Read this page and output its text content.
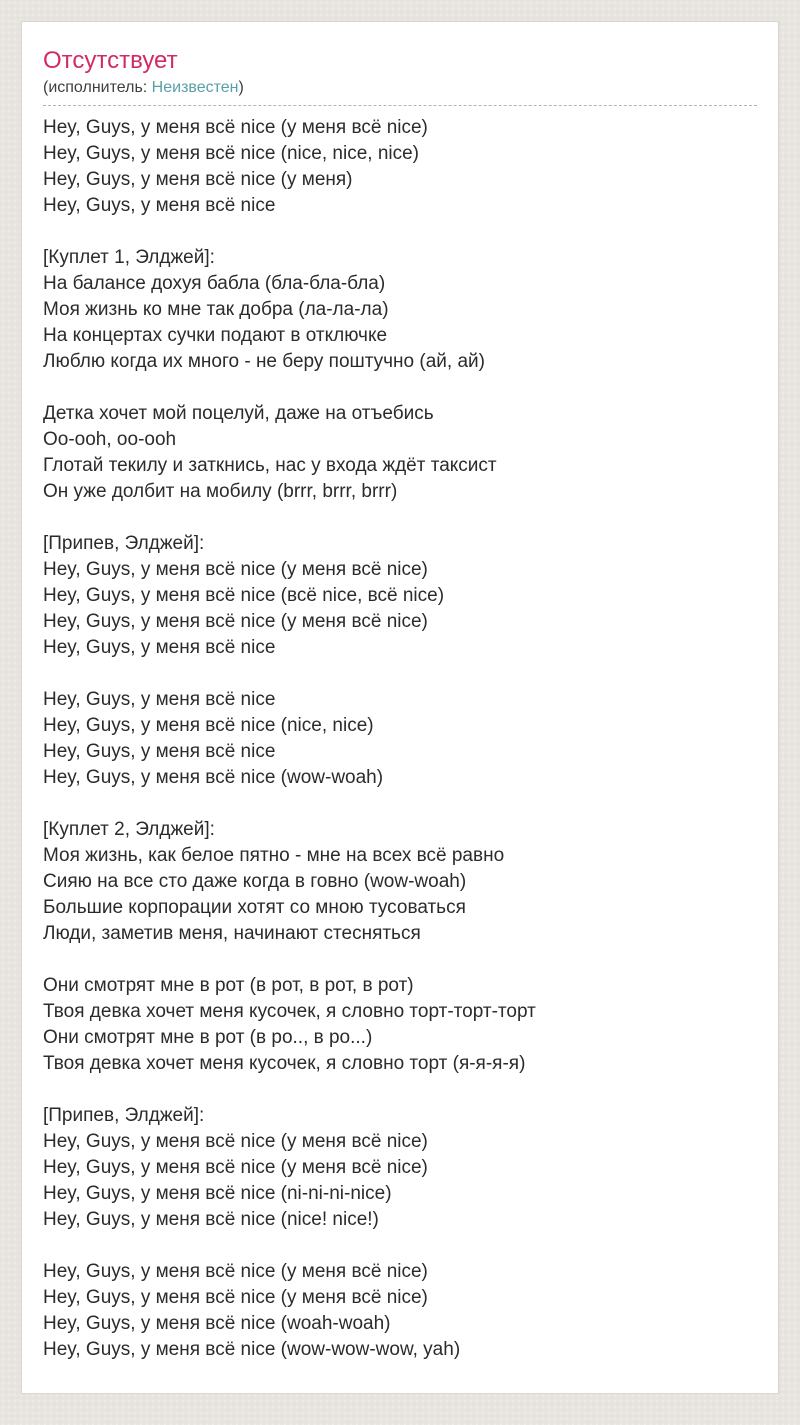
Отсутствует
(исполнитель: Неизвестен)
Hey, Guys, у меня всё nice (у меня всё nice)
Hey, Guys, у меня всё nice (nice, nice, nice)
Hey, Guys, у меня всё nice (у меня)
Hey, Guys, у меня всё nice
[Куплет 1, Элджей]:
На балансе дохуя бабла (бла-бла-бла)
Моя жизнь ко мне так добра (ла-ла-ла)
На концертах сучки подают в отключке
Люблю когда их много - не беру поштучно (ай, ай)
Детка хочет мой поцелуй, даже на отъебись
Oo-ooh, oo-ooh
Глотай текилу и заткнись, нас у входа ждёт таксист
Он уже долбит на мобилу (brrr, brrr, brrr)
[Припев, Элджей]:
Hey, Guys, у меня всё nice (у меня всё nice)
Hey, Guys, у меня всё nice (всё nice, всё nice)
Hey, Guys, у меня всё nice (у меня всё nice)
Hey, Guys, у меня всё nice
Hey, Guys, у меня всё nice
Hey, Guys, у меня всё nice (nice, nice)
Hey, Guys, у меня всё nice
Hey, Guys, у меня всё nice (wow-woah)
[Куплет 2, Элджей]:
Моя жизнь, как белое пятно - мне на всех всё равно
Сияю на все сто даже когда в говно (wow-woah)
Большие корпорации хотят со мною тусоваться
Люди, заметив меня, начинают стесняться
Они смотрят мне в рот (в рот, в рот, в рот)
Твоя девка хочет меня кусочек, я словно торт-торт-торт
Они смотрят мне в рот (в ро.., в ро...)
Твоя девка хочет меня кусочек, я словно торт (я-я-я-я)
[Припев, Элджей]:
Hey, Guys, у меня всё nice (у меня всё nice)
Hey, Guys, у меня всё nice (у меня всё nice)
Hey, Guys, у меня всё nice (ni-ni-ni-nice)
Hey, Guys, у меня всё nice (nice! nice!)
Hey, Guys, у меня всё nice (у меня всё nice)
Hey, Guys, у меня всё nice (у меня всё nice)
Hey, Guys, у меня всё nice (woah-woah)
Hey, Guys, у меня всё nice (wow-wow-wow, yah)
